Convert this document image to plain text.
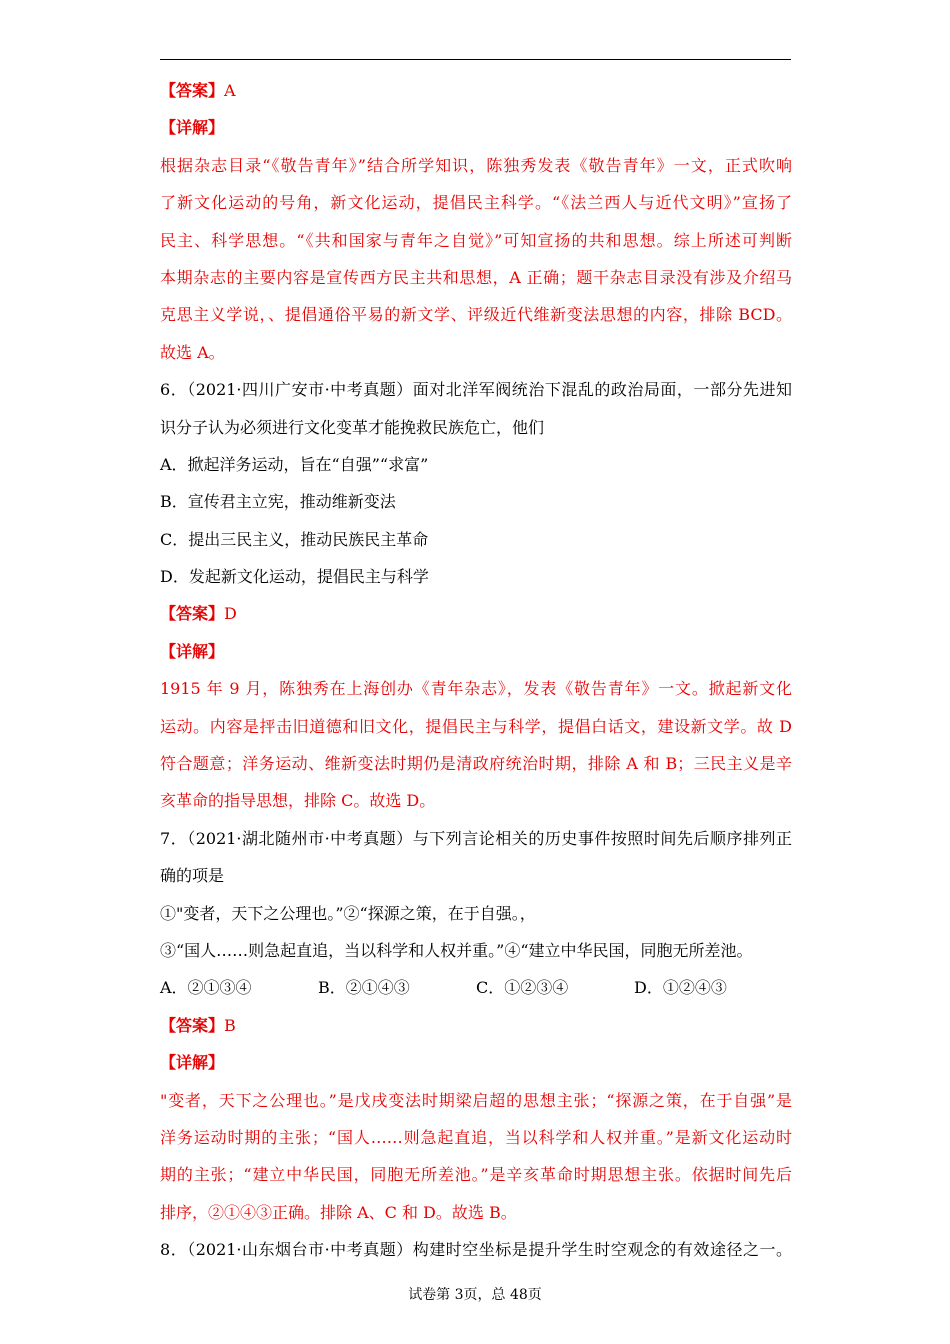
【答案】A
【详解】
根据杂志目录“《敬告青年》”结合所学知识，陈独秀发表《敬告青年》一文，正式吹响
了新文化运动的号角，新文化运动，提倡民主科学。“《法兰西人与近代文明》”宣扬了
民主、科学思想。“《共和国家与青年之自觉》”可知宣扬的共和思想。综上所述可判断
本期杂志的主要内容是宣传西方民主共和思想，A 正确；题干杂志目录没有涉及介绍马
克思主义学说，、提倡通俗平易的新文学、评级近代维新变法思想的内容，排除 BCD。
故选 A。
6．（2021·四川广安市·中考真题）面对北洋军阀统治下混乱的政治局面，一部分先进知
识分子认为必须进行文化变革才能挽救民族危亡，他们
A．掀起洋务运动，旨在“自强”“求富”
B．宣传君主立宪，推动维新变法
C．提出三民主义，推动民族民主革命
D．发起新文化运动，提倡民主与科学
【答案】D
【详解】
1915 年 9 月，陈独秀在上海创办《青年杂志》，发表《敬告青年》一文。掀起新文化
运动。内容是抨击旧道德和旧文化，提倡民主与科学，提倡白话文，建设新文学。故 D
符合题意；洋务运动、维新变法时期仍是清政府统治时期，排除 A 和 B；三民主义是辛
亥革命的指导思想，排除 C。故选 D。
7．（2021·湖北随州市·中考真题）与下列言论相关的历史事件按照时间先后顺序排列正
确的项是
①"变者，天下之公理也。”②“探源之策，在于自强。，
③“国人……则急起直追，当以科学和人权并重。”④“建立中华民国，同胞无所差池。
A．②①③④	B．②①④③	C．①②③④	D．①②④③
【答案】B
【详解】
"变者，天下之公理也。”是戊戌变法时期梁启超的思想主张；“探源之策，在于自强”是
洋务运动时期的主张；“国人……则急起直追，当以科学和人权并重。”是新文化运动时
期的主张；“建立中华民国，同胞无所差池。”是辛亥革命时期思想主张。依据时间先后
排序，②①④③正确。排除 A、C 和 D。故选 B。
8．（2021·山东烟台市·中考真题）构建时空坐标是提升学生时空观念的有效途径之一。
试卷第 3页，总 48页
